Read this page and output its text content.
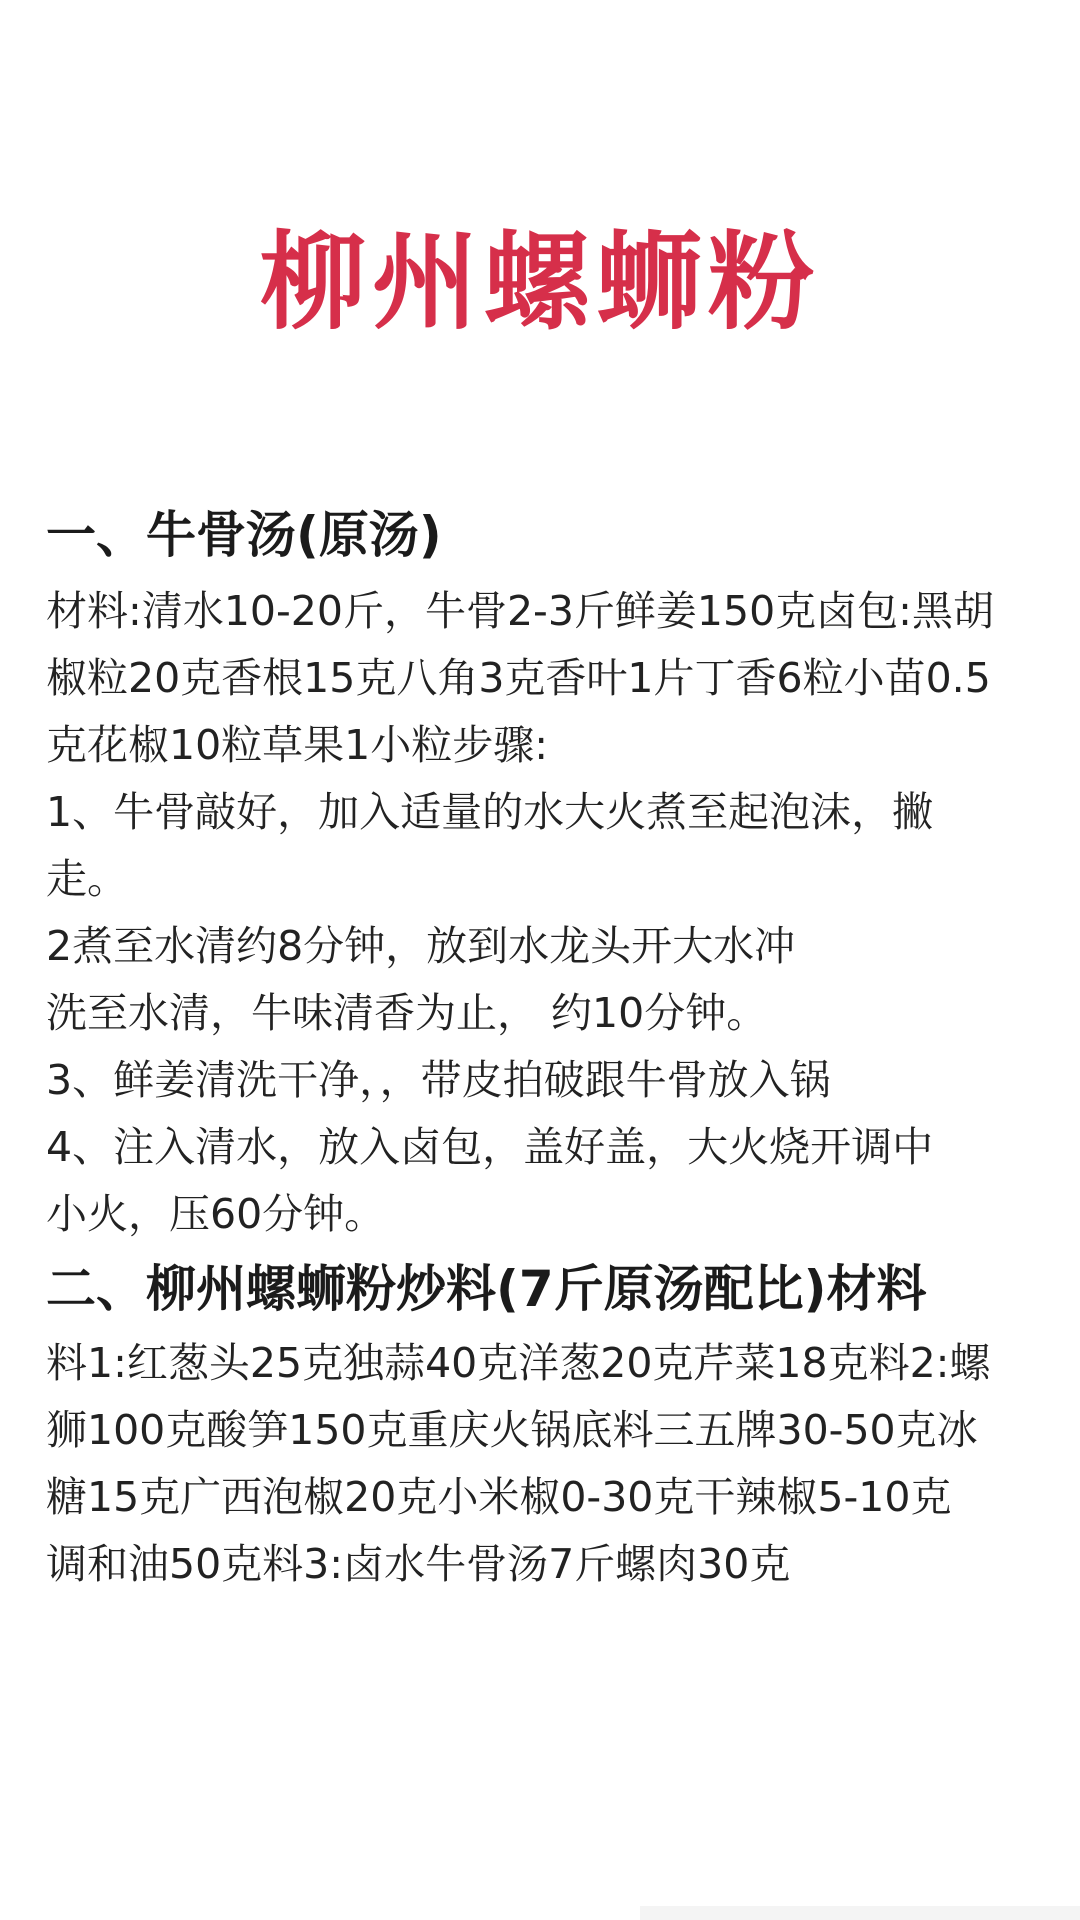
柳州螺蛳粉
一、牛骨汤(原汤)
材料:清水10-20斤，牛骨2-3斤鲜姜150克卤包:黑胡
椒粒20克香根15克八角3克香叶1片丁香6粒小苗0.5
克花椒10粒草果1小粒步骤:
1、牛骨敲好，加入适量的水大火煮至起泡沫，撇
走。
2煮至水清约8分钟，放到水龙头开大水冲
洗至水清，牛味清香为止， 约10分钟。
3、鲜姜清洗干净，，带皮拍破跟牛骨放入锅
4、注入清水，放入卤包，盖好盖，大火烧开调中
小火，压60分钟。
二、柳州螺蛳粉炒料(7斤原汤配比)材料
料1:红葱头25克独蒜40克洋葱20克芹菜18克料2:螺
狮100克酸笋150克重庆火锅底料三五牌30-50克冰
糖15克广西泡椒20克小米椒0-30克干辣椒5-10克
调和油50克料3:卤水牛骨汤7斤螺肉30克
